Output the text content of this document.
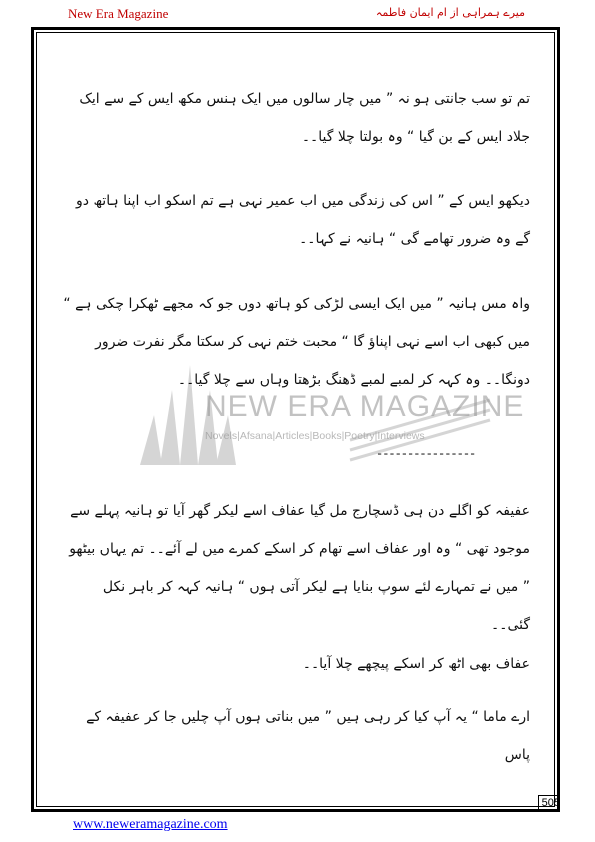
New Era Magazine	میرے ہمراہی از ام ایمان فاطمہ
NEW ERA MAGAZINE
Novels|Afsana|Articles|Books|Poetry|Interviews
تم تو سب جانتی ہو نہ ” میں چار سالوں میں ایک ہنس مکھ ایس کے سے ایک جلاد ایس کے بن گیا “ وہ بولتا چلا گیا۔۔
دیکھو ایس کے ” اس کی زندگی میں اب عمیر نہی ہے تم اسکو اب اپنا ہاتھ دو گے وہ ضرور تھامے گی “ ہانیہ نے کہا۔۔
واہ مس ہانیہ ” میں ایک ایسی لڑکی کو ہاتھ دوں جو کہ مجھے ٹھکرا چکی ہے “ میں کبھی اب اسے نہی اپناؤ گا “ محبت ختم نہی کر سکتا مگر نفرت ضرور دونگا۔۔ وہ کہہ کر لمبے لمبے ڈھنگ بڑھتا وہاں سے چلا گیا۔۔
----------------
عفیفہ کو اگلے دن ہی ڈسچارج مل گیا عفاف اسے لیکر گھر آیا تو ہانیہ پہلے سے موجود تھی “ وہ اور عفاف اسے تھام کر اسکے کمرے میں لے آئے۔۔ تم یہاں بیٹھو ” میں نے تمہارے لئے سوپ بنایا ہے لیکر آتی ہوں “ ہانیہ کہہ کر باہر نکل گئی۔۔
عفاف بھی اٹھ کر اسکے پیچھے چلا آیا۔۔
ارے ماما “ یہ آپ کیا کر رہی ہیں ” میں بناتی ہوں آپ چلیں جا کر عفیفہ کے پاس
505
www.neweramagazine.com
